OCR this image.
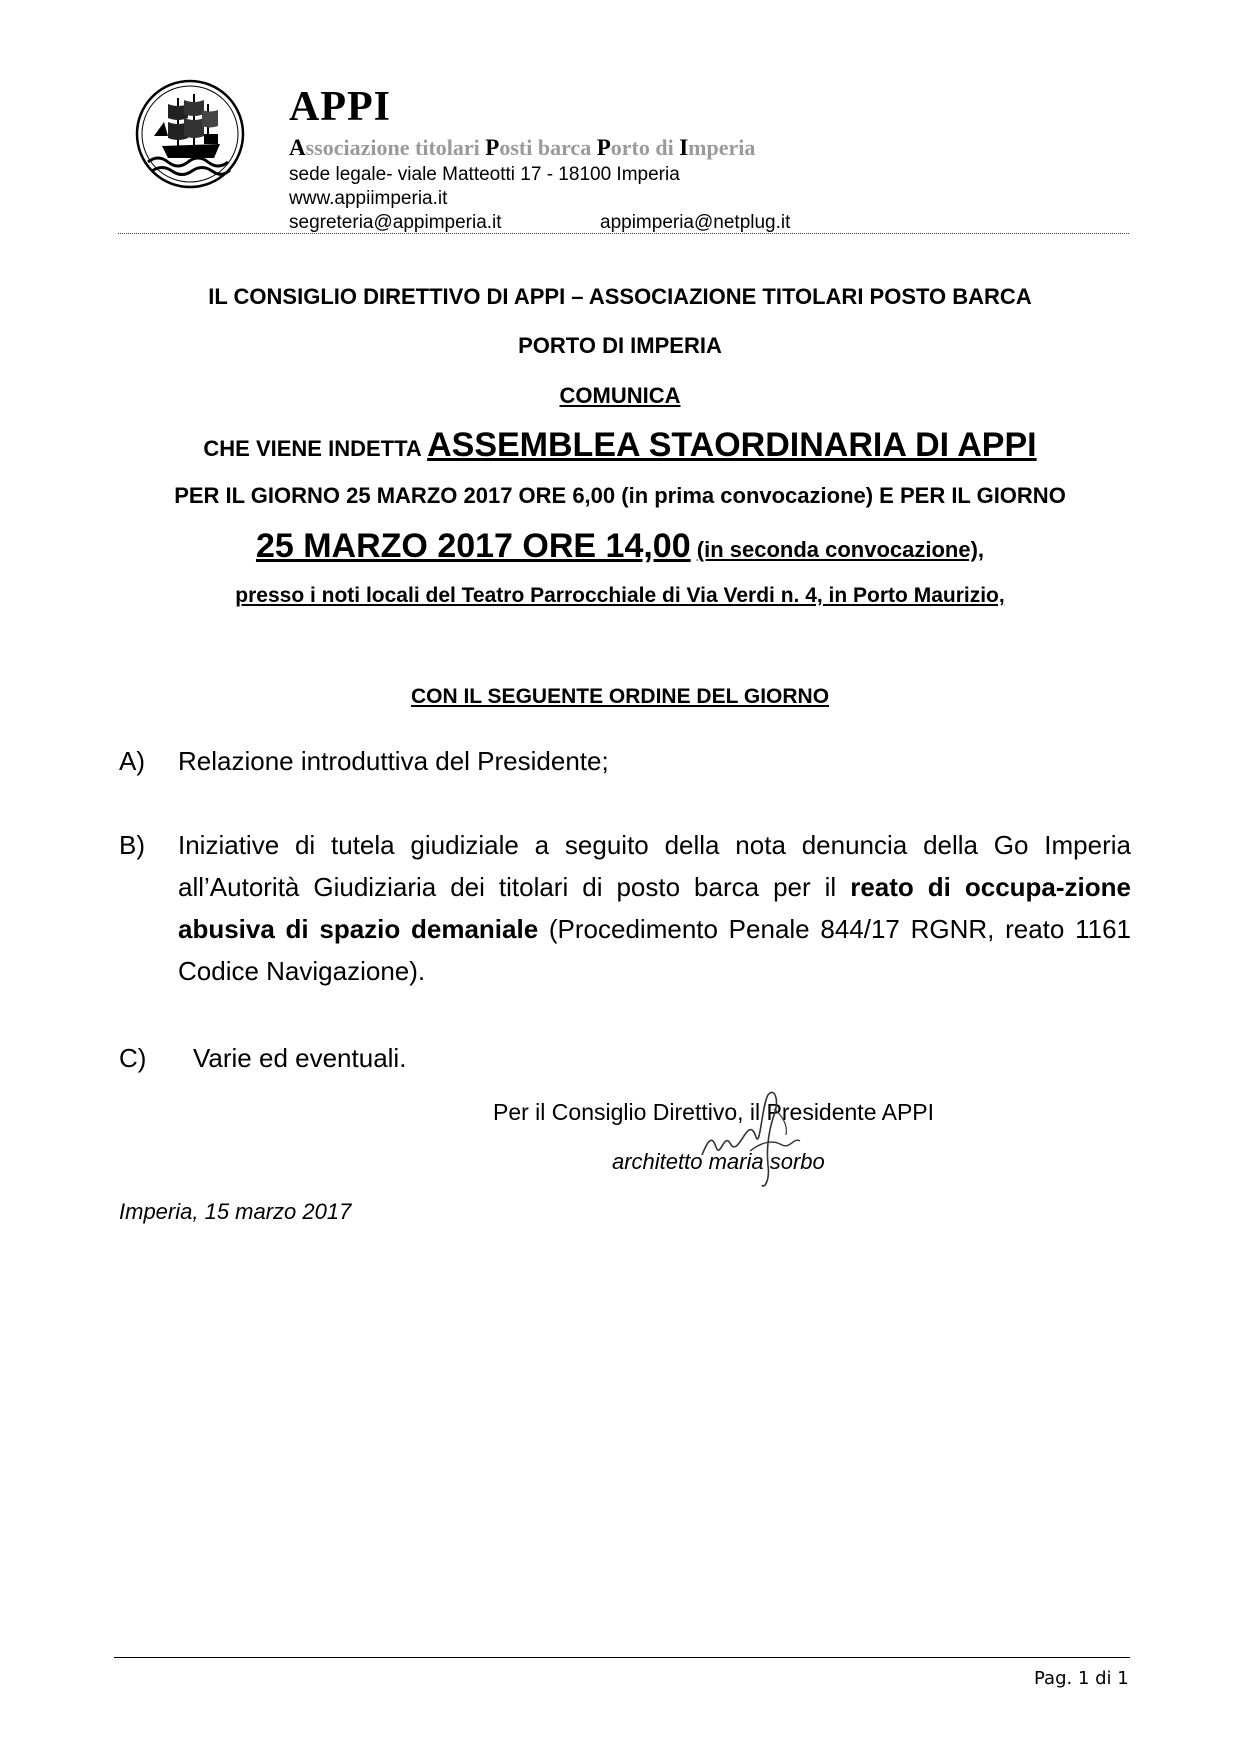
APPI
Associazione titolari Posti barca Porto di Imperia
sede legale- viale Matteotti 17 - 18100 Imperia
www.appiimperia.it
segreteria@appimperia.it	appimperia@netplug.it
IL CONSIGLIO DIRETTIVO DI APPI – ASSOCIAZIONE TITOLARI POSTO BARCA
PORTO DI IMPERIA
COMUNICA
CHE VIENE INDETTA ASSEMBLEA STAORDINARIA DI APPI
PER IL GIORNO 25 MARZO 2017 ORE 6,00 (in prima convocazione) E PER IL GIORNO
25 MARZO 2017 ORE 14,00 (in seconda convocazione),
presso i noti locali del Teatro Parrocchiale di Via Verdi n. 4, in Porto Maurizio,
CON IL SEGUENTE ORDINE DEL GIORNO
A) Relazione introduttiva del Presidente;
B) Iniziative di tutela giudiziale a seguito della nota denuncia della Go Imperia all’Autorità Giudiziaria dei titolari di posto barca per il reato di occupa-zione abusiva di spazio demaniale (Procedimento Penale 844/17 RGNR, reato 1161 Codice Navigazione).
C) Varie ed eventuali.
Per il Consiglio Direttivo, il Presidente APPI
architetto maria sorbo
Imperia, 15 marzo 2017
Pag. 1 di 1
